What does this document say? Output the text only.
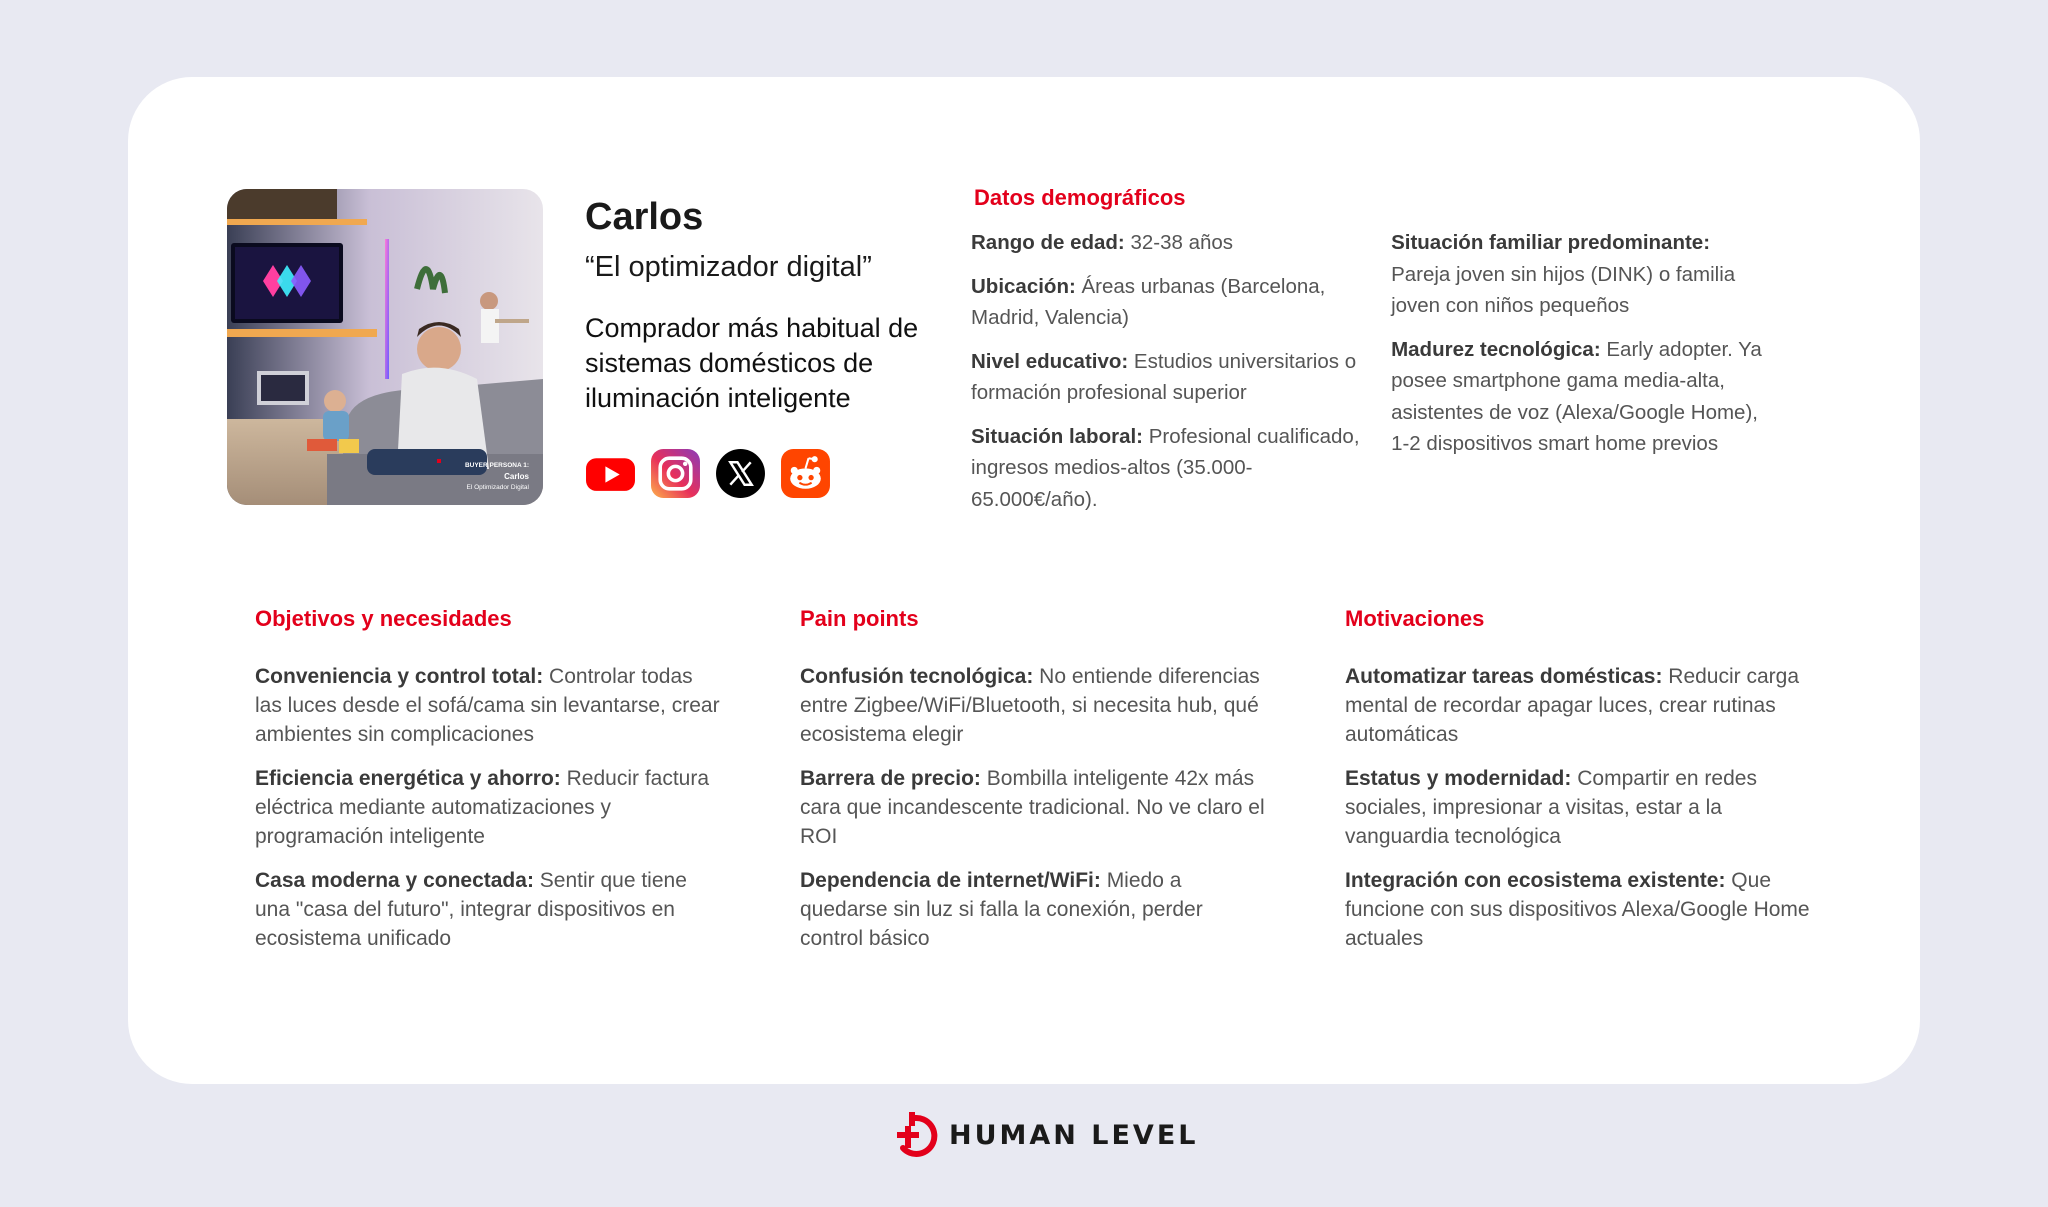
BUYER PERSONA 1:
Carlos
El Optimizador Digital
Carlos
“El optimizador digital”
Comprador más habitual de sistemas domésticos de iluminación inteligente
Datos demográficos
Rango de edad: 32-38 años
Ubicación: Áreas urbanas (Barcelona, Madrid, Valencia)
Nivel educativo: Estudios universitarios o formación profesional superior
Situación laboral: Profesional cualificado, ingresos medios-altos (35.000-65.000€/año).
Situación familiar predominante: Pareja joven sin hijos (DINK) o familia joven con niños pequeños
Madurez tecnológica: Early adopter. Ya posee smartphone gama media-alta, asistentes de voz (Alexa/Google Home), 1-2 dispositivos smart home previos
Objetivos y necesidades
Conveniencia y control total: Controlar todas las luces desde el sofá/cama sin levantarse, crear ambientes sin complicaciones
Eficiencia energética y ahorro: Reducir factura eléctrica mediante automatizaciones y programación inteligente
Casa moderna y conectada: Sentir que tiene una "casa del futuro", integrar dispositivos en ecosistema unificado
Pain points
Confusión tecnológica: No entiende diferencias entre Zigbee/WiFi/Bluetooth, si necesita hub, qué ecosistema elegir
Barrera de precio: Bombilla inteligente 42x más cara que incandescente tradicional. No ve claro el ROI
Dependencia de internet/WiFi: Miedo a quedarse sin luz si falla la conexión, perder control básico
Motivaciones
Automatizar tareas domésticas: Reducir carga mental de recordar apagar luces, crear rutinas automáticas
Estatus y modernidad: Compartir en redes sociales, impresionar a visitas, estar a la vanguardia tecnológica
Integración con ecosistema existente: Que funcione con sus dispositivos Alexa/Google Home actuales
HUMAN LEVEL
